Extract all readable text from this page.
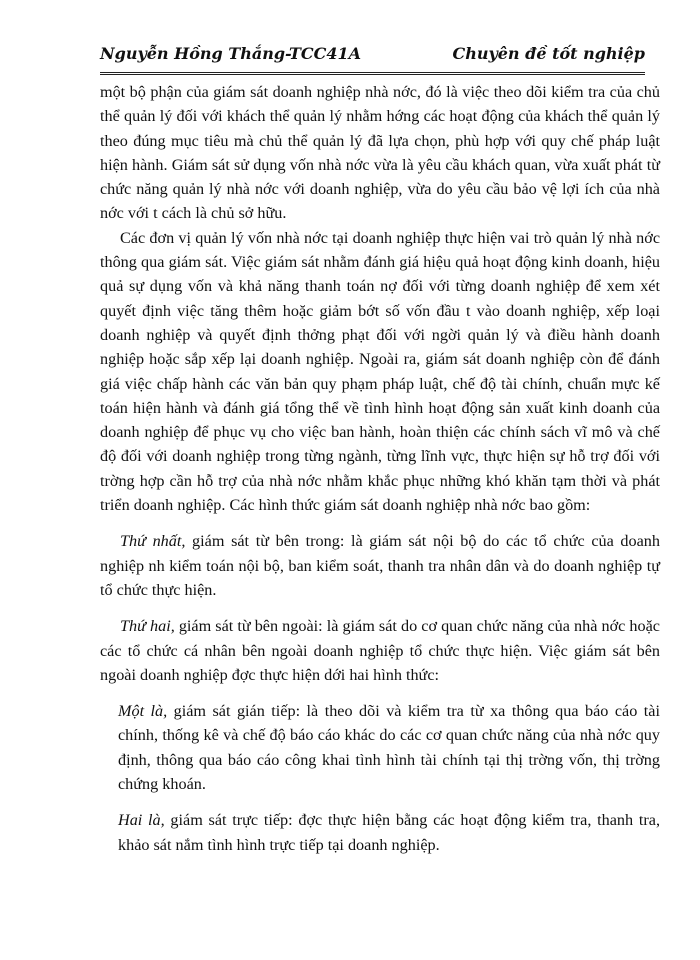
Nguyễn Hồng Thắng-TCC41A	Chuyên đề tốt nghiệp

một bộ phận của giám sát doanh nghiệp nhà nớc, đó là việc theo dõi kiểm tra của chủ thể quản lý đối với khách thể quản lý nhằm hớng các hoạt động của khách thể quản lý theo đúng mục tiêu mà chủ thể quản lý đã lựa chọn, phù hợp với quy chế pháp luật hiện hành. Giám sát sử dụng vốn nhà nớc vừa là yêu cầu khách quan, vừa xuất phát từ chức năng quản lý nhà nớc với doanh nghiệp, vừa do yêu cầu bảo vệ lợi ích của nhà nớc với t cách là chủ sở hữu.

Các đơn vị quản lý vốn nhà nớc tại doanh nghiệp thực hiện vai trò quản lý nhà nớc thông qua giám sát. Việc giám sát nhằm đánh giá hiệu quả hoạt động kinh doanh, hiệu quả sự dụng vốn và khả năng thanh toán nợ đối với từng doanh nghiệp để xem xét quyết định việc tăng thêm hoặc giảm bớt số vốn đầu t vào doanh nghiệp, xếp loại doanh nghiệp và quyết định thởng phạt đối với ngời quản lý và điều hành doanh nghiệp hoặc sắp xếp lại doanh nghiệp. Ngoài ra, giám sát doanh nghiệp còn để đánh giá việc chấp hành các văn bản quy phạm pháp luật, chế độ tài chính, chuẩn mực kế toán hiện hành và đánh giá tổng thể về tình hình hoạt động sản xuất kinh doanh của doanh nghiệp để phục vụ cho việc ban hành, hoàn thiện các chính sách vĩ mô và chế độ đối với doanh nghiệp trong từng ngành, từng lĩnh vực, thực hiện sự hỗ trợ đối với trờng hợp cần hỗ trợ của nhà nớc nhằm khắc phục những khó khăn tạm thời và phát triển doanh nghiệp. Các hình thức giám sát doanh nghiệp nhà nớc bao gồm:

Thứ nhất, giám sát từ bên trong: là giám sát nội bộ do các tổ chức của doanh nghiệp nh kiểm toán nội bộ, ban kiểm soát, thanh tra nhân dân và do doanh nghiệp tự tổ chức thực hiện.

Thứ hai, giám sát từ bên ngoài: là giám sát do cơ quan chức năng của nhà nớc hoặc các tổ chức cá nhân bên ngoài doanh nghiệp tổ chức thực hiện. Việc giám sát bên ngoài doanh nghiệp đợc thực hiện dới hai hình thức:

Một là, giám sát gián tiếp: là theo dõi và kiểm tra từ xa thông qua báo cáo tài chính, thống kê và chế độ báo cáo khác do các cơ quan chức năng của nhà nớc quy định, thông qua báo cáo công khai tình hình tài chính tại thị trờng vốn, thị trờng chứng khoán.

Hai là, giám sát trực tiếp: đợc thực hiện bằng các hoạt động kiểm tra, thanh tra, khảo sát nắm tình hình trực tiếp tại doanh nghiệp.
